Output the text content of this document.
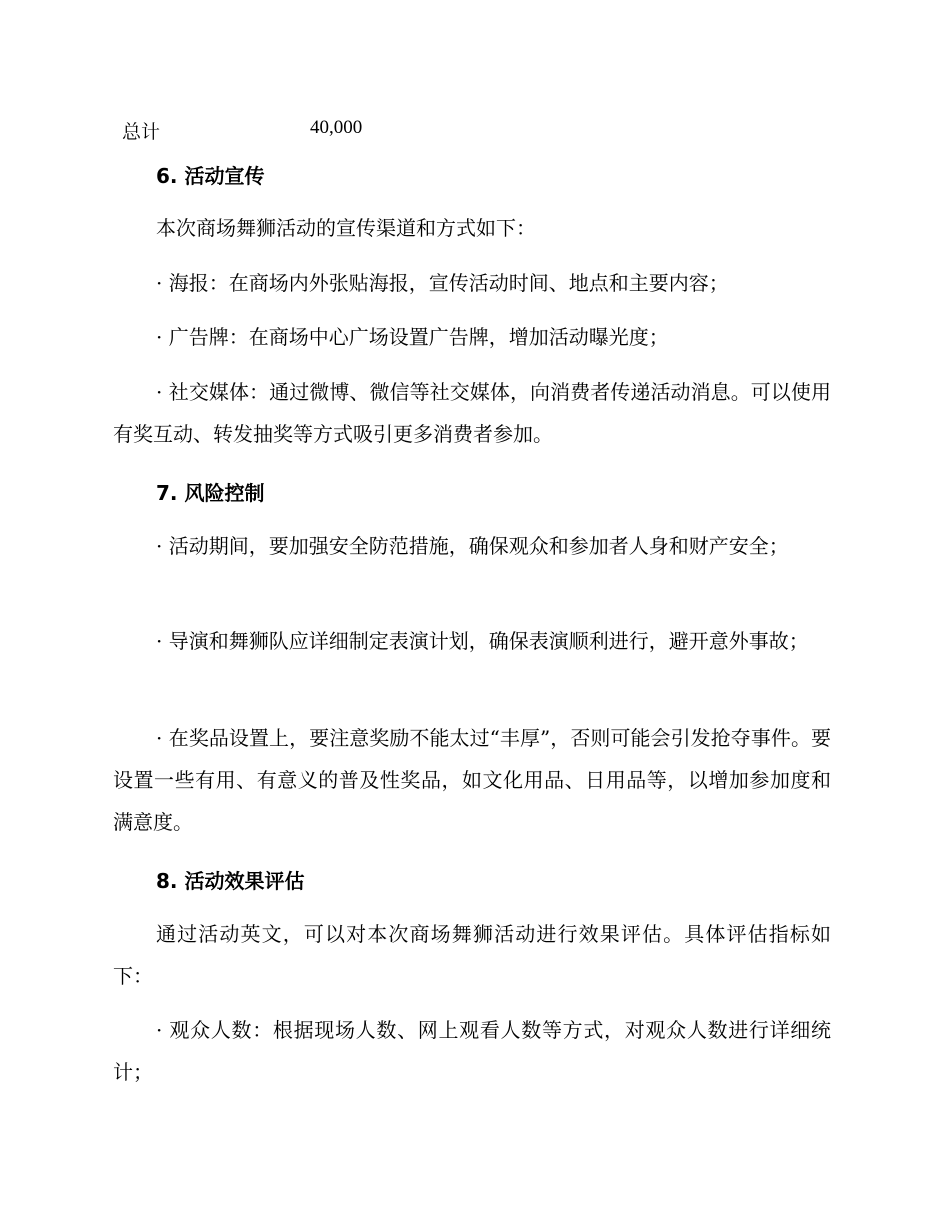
总计	40,000
6. 活动宣传

本次商场舞狮活动的宣传渠道和方式如下：

· 海报：在商场内外张贴海报，宣传活动时间、地点和主要内容；

· 广告牌：在商场中心广场设置广告牌，增加活动曝光度；

· 社交媒体：通过微博、微信等社交媒体，向消费者传递活动消息。可以使用有奖互动、转发抽奖等方式吸引更多消费者参加。

7. 风险控制

· 活动期间，要加强安全防范措施，确保观众和参加者人身和财产安全；

· 导演和舞狮队应详细制定表演计划，确保表演顺利进行，避开意外事故；

· 在奖品设置上，要注意奖励不能太过“丰厚”，否则可能会引发抢夺事件。要设置一些有用、有意义的普及性奖品，如文化用品、日用品等，以增加参加度和满意度。

8. 活动效果评估

通过活动英文，可以对本次商场舞狮活动进行效果评估。具体评估指标如下：

· 观众人数：根据现场人数、网上观看人数等方式，对观众人数进行详细统计；
